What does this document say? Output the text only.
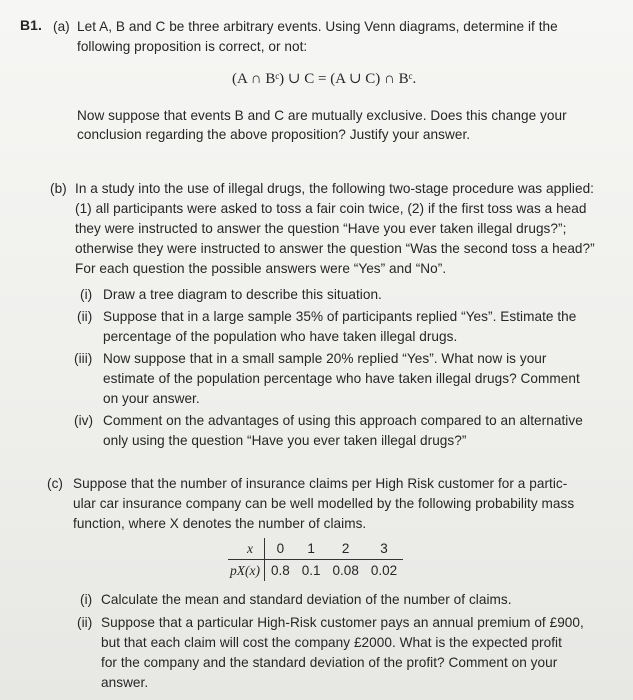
B1. (a) Let A, B and C be three arbitrary events. Using Venn diagrams, determine if the
following proposition is correct, or not:
(A ∩ Bᶜ) ∪ C = (A ∪ C) ∩ Bᶜ.
Now suppose that events B and C are mutually exclusive. Does this change your
conclusion regarding the above proposition? Justify your answer.
(b) In a study into the use of illegal drugs, the following two-stage procedure was applied:
(1) all participants were asked to toss a fair coin twice, (2) if the first toss was a head
they were instructed to answer the question “Have you ever taken illegal drugs?”;
otherwise they were instructed to answer the question “Was the second toss a head?”
For each question the possible answers were “Yes” and “No”.
(i) Draw a tree diagram to describe this situation.
(ii) Suppose that in a large sample 35% of participants replied “Yes”. Estimate the
percentage of the population who have taken illegal drugs.
(iii) Now suppose that in a small sample 20% replied “Yes”. What now is your
estimate of the population percentage who have taken illegal drugs? Comment
on your answer.
(iv) Comment on the advantages of using this approach compared to an alternative
only using the question “Have you ever taken illegal drugs?”
(c) Suppose that the number of insurance claims per High Risk customer for a partic-
ular car insurance company can be well modelled by the following probability mass
function, where X denotes the number of claims.
x	0	1	2	3
pX(x)	0.8	0.1	0.08	0.02
(i) Calculate the mean and standard deviation of the number of claims.
(ii) Suppose that a particular High-Risk customer pays an annual premium of £900,
but that each claim will cost the company £2000. What is the expected profit
for the company and the standard deviation of the profit? Comment on your
answer.
